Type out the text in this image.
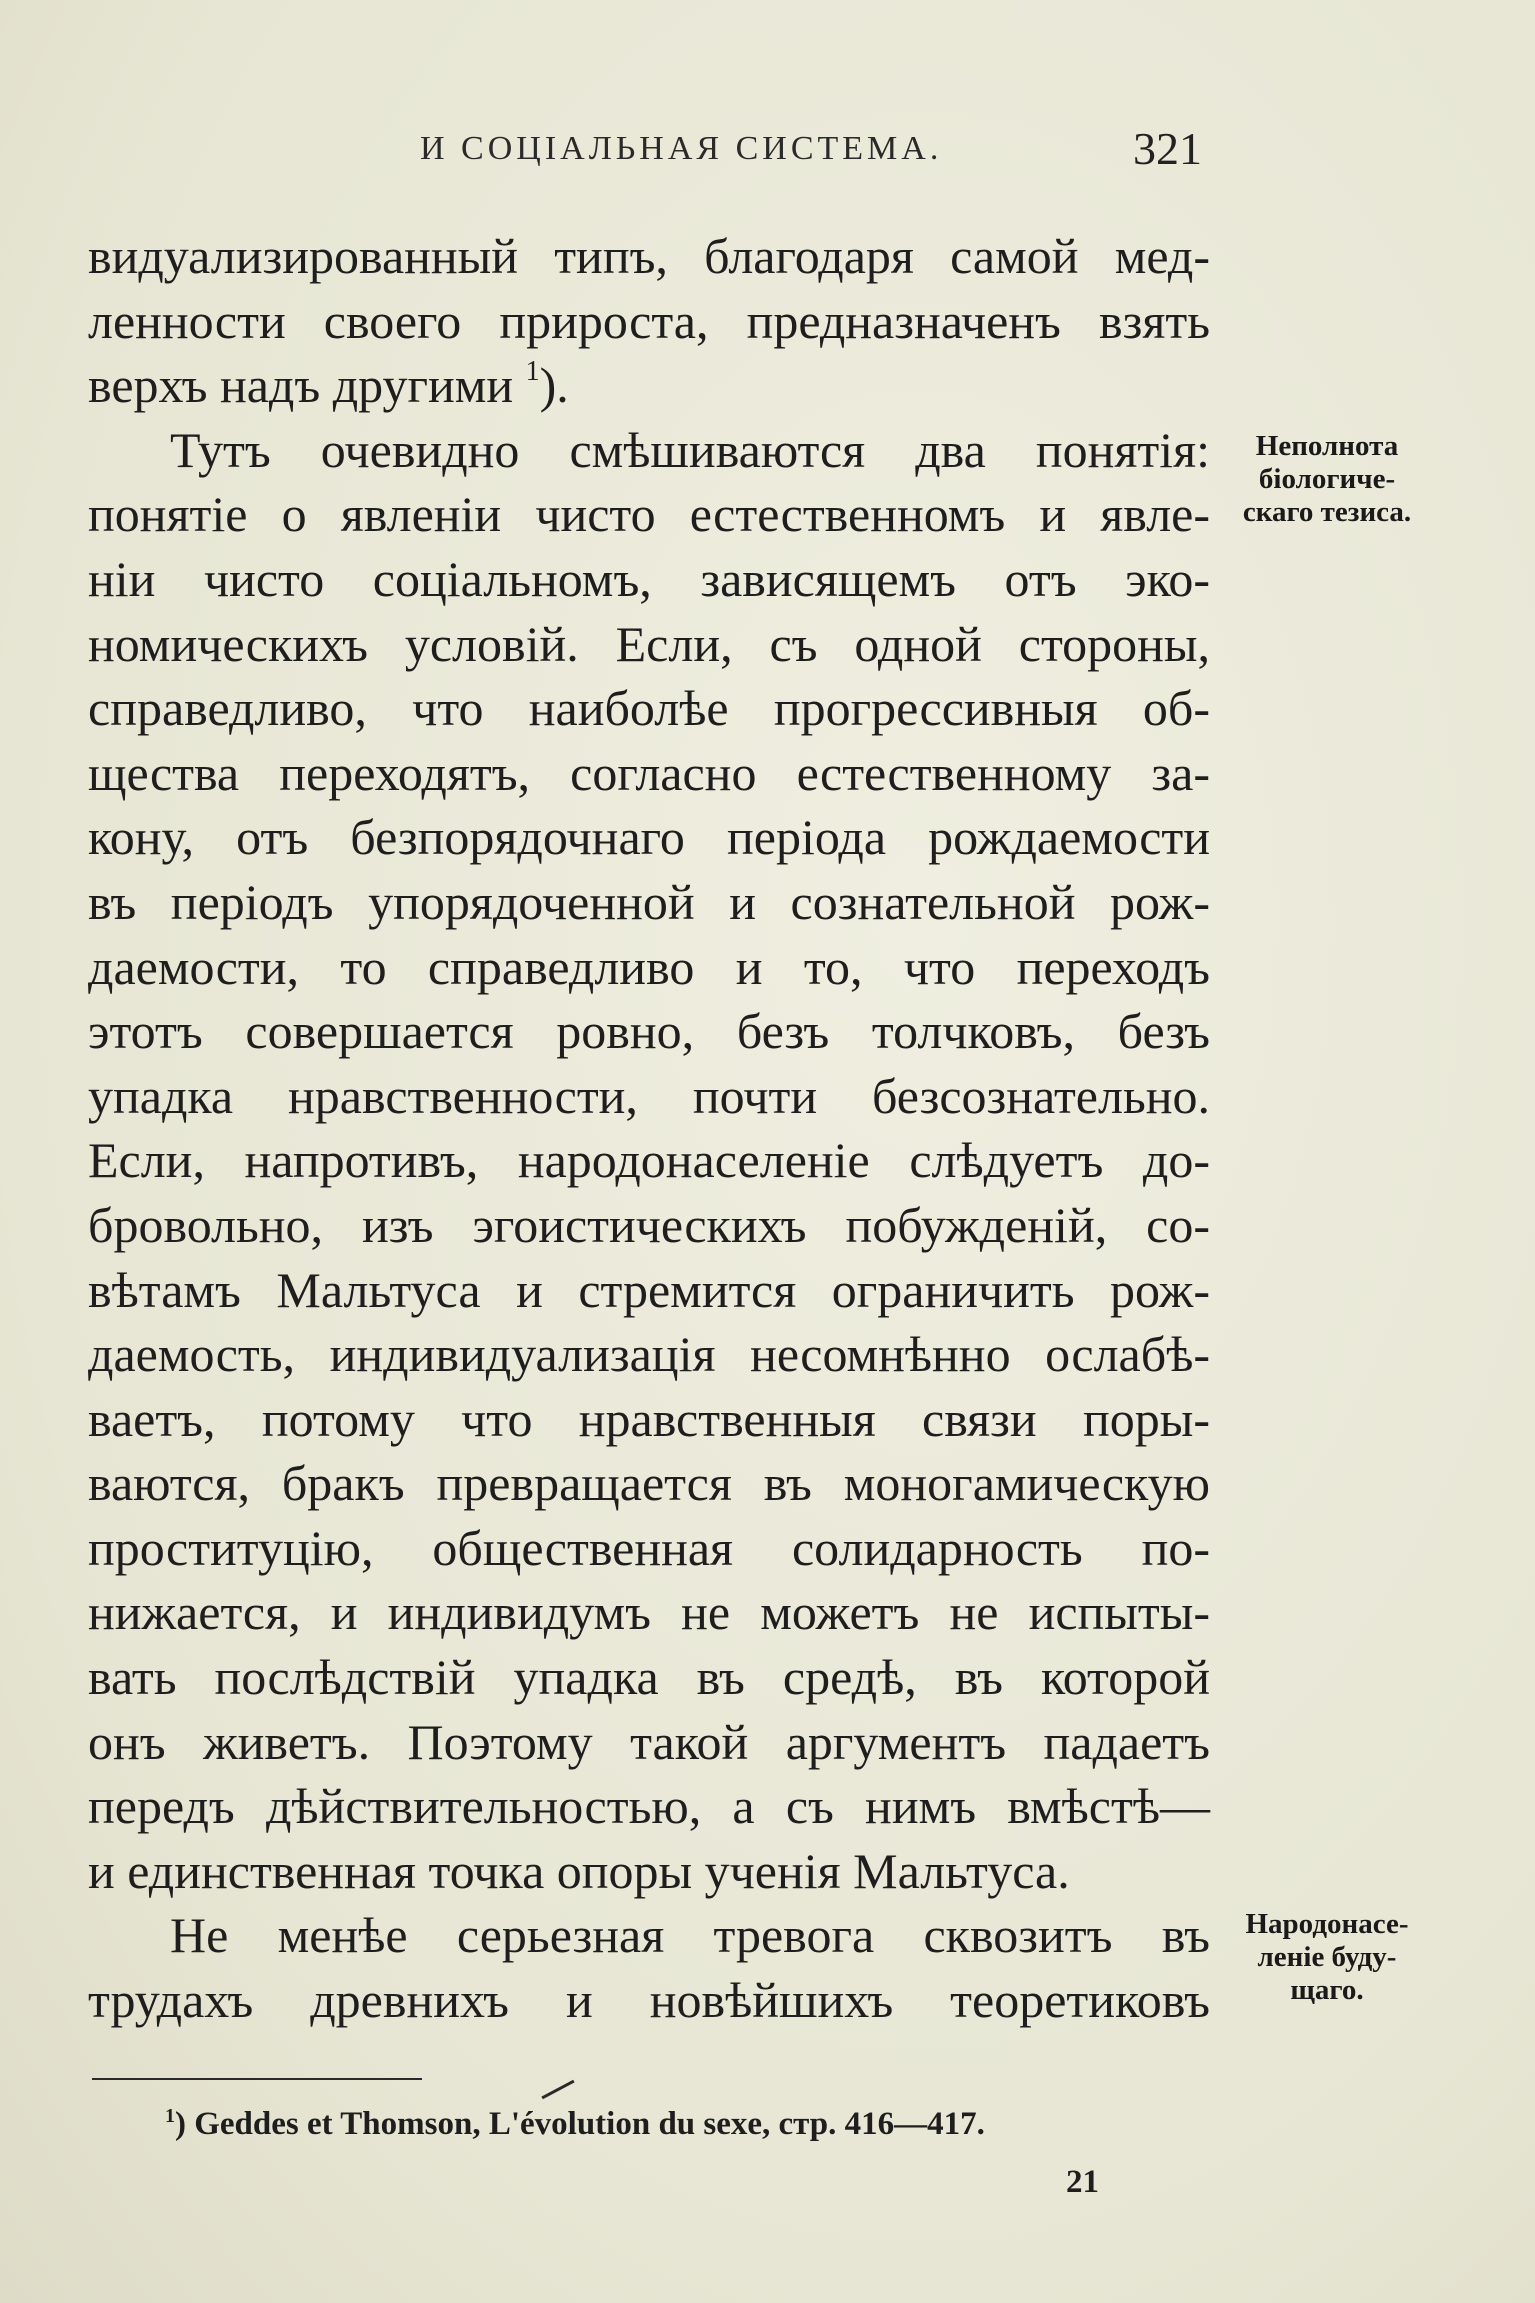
И СОЦІАЛЬНАЯ СИСТЕМА.	321
видуализированный типъ, благодаря самой мед-
ленности своего прироста, предназначенъ взять
верхъ надъ другими $^1$).
Тутъ очевидно смѣшиваются два понятія:
понятіе о явленіи чисто естественномъ и явле-
ніи чисто соціальномъ, зависящемъ отъ эко-
номическихъ условій. Если, съ одной стороны,
справедливо, что наиболѣе прогрессивныя об-
щества переходятъ, согласно естественному за-
кону, отъ безпорядочнаго періода рождаемости
въ періодъ упорядоченной и сознательной рож-
даемости, то справедливо и то, что переходъ
этотъ совершается ровно, безъ толчковъ, безъ
упадка нравственности, почти безсознательно.
Если, напротивъ, народонаселеніе слѣдуетъ до-
бровольно, изъ эгоистическихъ побужденій, со-
вѣтамъ Мальтуса и стремится ограничить рож-
даемость, индивидуализація несомнѣнно ослабѣ-
ваетъ, потому что нравственныя связи поры-
ваются, бракъ превращается въ моногамическую
проституцію, общественная солидарность по-
нижается, и индивидумъ не можетъ не испыты-
вать послѣдствій упадка въ средѣ, въ которой
онъ живетъ. Поэтому такой аргументъ падаетъ
передъ дѣйствительностью, а съ нимъ вмѣстѣ—
и единственная точка опоры ученія Мальтуса.
Не менѣе серьезная тревога сквозитъ въ
трудахъ древнихъ и новѣйшихъ теоретиковъ
Неполнота
біологиче-
скаго тезиса.
Народонасе-
леніе буду-
щаго.
$^1$) Geddes et Thomson, L'évolution du sexe, стр. 416—417.
21
